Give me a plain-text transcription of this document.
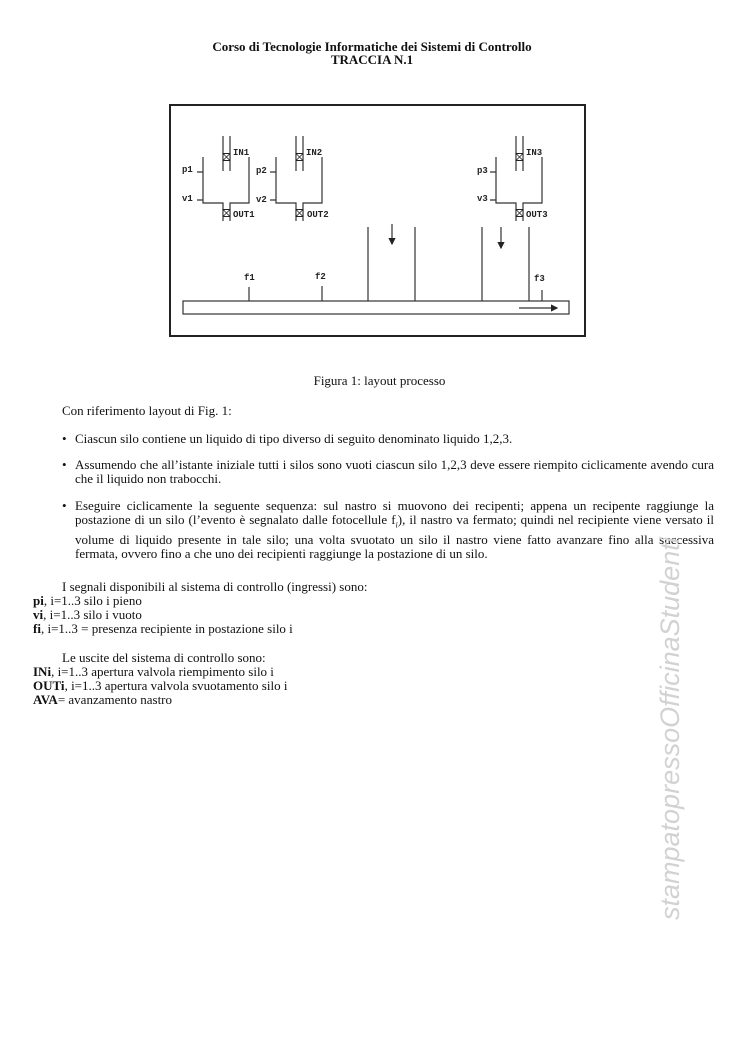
Corso di Tecnologie Informatiche dei Sistemi di Controllo
TRACCIA N.1
IN1	IN2	IN3
OUT1	OUT2	OUT3
p1	p2	p3
v1	v2	v3
f1	f2	f3
Figura 1: layout processo
Con riferimento layout di Fig. 1:
• Ciascun silo contiene un liquido di tipo diverso di seguito denominato liquido 1,2,3.
• Assumendo che all’istante iniziale tutti i silos sono vuoti ciascun silo 1,2,3 deve essere riempito ciclicamente avendo cura che il liquido non trabocchi.
• Eseguire ciclicamente la seguente sequenza: sul nastro si muovono dei recipenti; appena un recipente raggiunge la postazione di un silo (l’evento è segnalato dalle fotocellule $f_i$), il nastro va fermato; quindi nel recipiente viene versato il volume di liquido presente in tale silo; una volta svuotato un silo il nastro viene fatto avanzare fino alla successiva fermata, ovvero fino a che uno dei recipienti raggiunge la postazione di un silo.
I segnali disponibili al sistema di controllo (ingressi) sono:
pi, i=1..3 silo i pieno
vi, i=1..3 silo i vuoto
fi, i=1..3 = presenza recipiente in postazione silo i
Le uscite del sistema di controllo sono:
INi, i=1..3 apertura valvola riempimento silo i
OUTi, i=1..3 apertura valvola svuotamento silo i
AVA= avanzamento nastro	stampatopressoOfficinaStudenti
